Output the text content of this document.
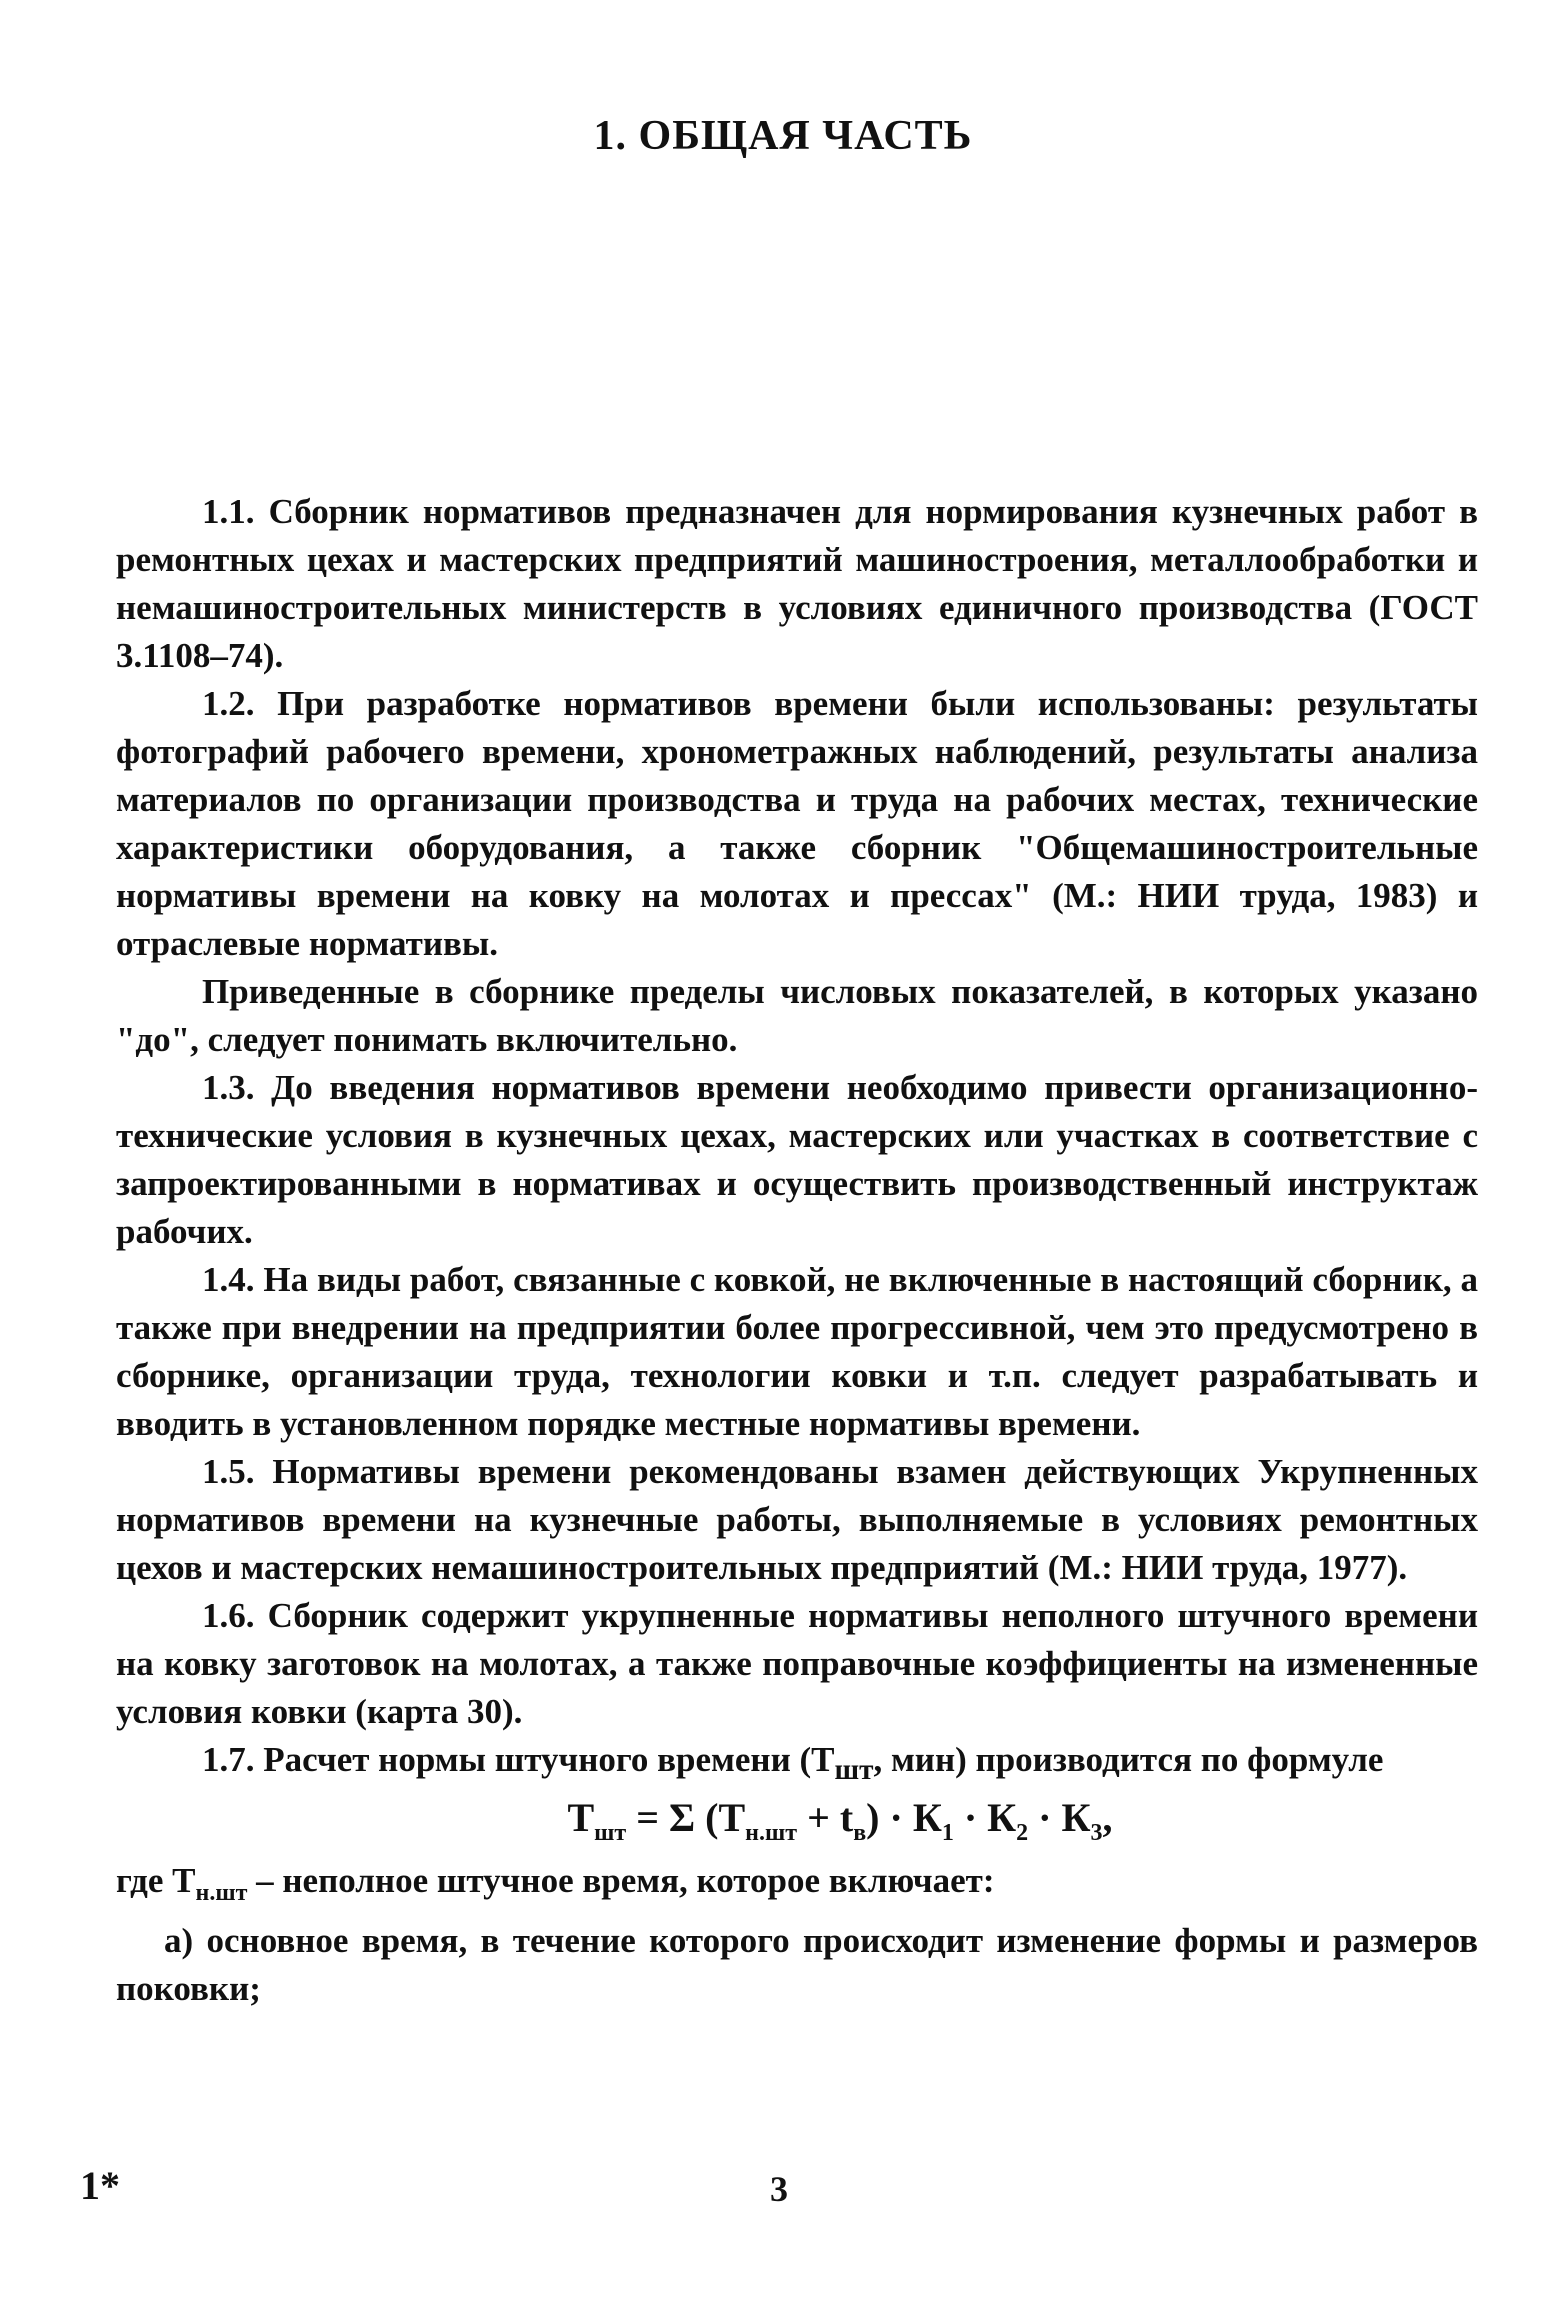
1. ОБЩАЯ ЧАСТЬ

1.1. Сборник нормативов предназначен для нормирования кузнечных работ в ремонтных цехах и мастерских предприятий машиностроения, металлообработки и немашиностроительных министерств в условиях единичного производства (ГОСТ 3.1108–74).

1.2. При разработке нормативов времени были использованы: результаты фотографий рабочего времени, хронометражных наблюдений, результаты анализа материалов по организации производства и труда на рабочих местах, технические характеристики оборудования, а также сборник "Общемашиностроительные нормативы времени на ковку на молотах и прессах" (М.: НИИ труда, 1983) и отраслевые нормативы.

Приведенные в сборнике пределы числовых показателей, в которых указано "до", следует понимать включительно.

1.3. До введения нормативов времени необходимо привести организационно-технические условия в кузнечных цехах, мастерских или участках в соответствие с запроектированными в нормативах и осуществить производственный инструктаж рабочих.

1.4. На виды работ, связанные с ковкой, не включенные в настоящий сборник, а также при внедрении на предприятии более прогрессивной, чем это предусмотрено в сборнике, организации труда, технологии ковки и т.п. следует разрабатывать и вводить в установленном порядке местные нормативы времени.

1.5. Нормативы времени рекомендованы взамен действующих Укрупненных нормативов времени на кузнечные работы, выполняемые в условиях ремонтных цехов и мастерских немашиностроительных предприятий (М.: НИИ труда, 1977).

1.6. Сборник содержит укрупненные нормативы неполного штучного времени на ковку заготовок на молотах, а также поправочные коэффициенты на измененные условия ковки (карта 30).

1.7. Расчет нормы штучного времени ($Т_{шт}$, мин) производится по формуле

$Т_{шт} = \Sigma$ $(Т_{н.шт} + t_в) \cdot К_1 \cdot К_2 \cdot К_3$,

где $Т_{н.шт}$ – неполное штучное время, которое включает:

а) основное время, в течение которого происходит изменение формы и размеров поковки;

1*	3
